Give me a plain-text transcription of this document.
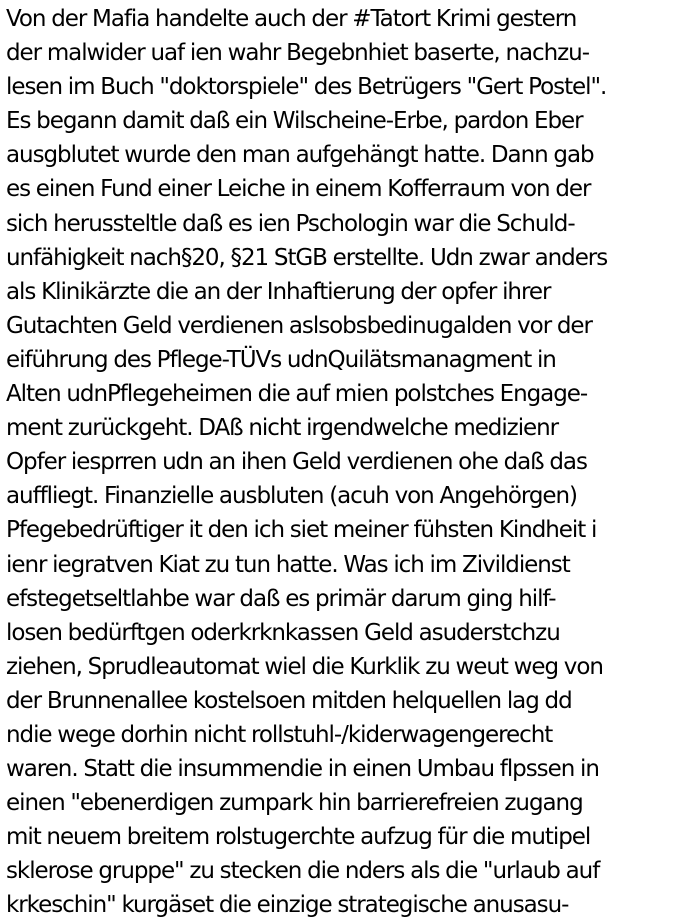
Von der Mafia handelte auch der #Tatort Krimi gestern
der malwider uaf ien wahr Begebnhiet baserte, nachzu-
lesen im Buch "doktorspiele" des Betrügers "Gert Postel".
Es begann damit daß ein Wilscheine-Erbe, pardon Eber
ausgblutet wurde den man aufgehängt hatte. Dann gab
es einen Fund einer Leiche in einem Kofferraum von der
sich herussteltle daß es ien Pschologin war die Schuld-
unfähigkeit nach§20, §21 StGB erstellte. Udn zwar anders
als Klinikärzte die an der Inhaftierung der opfer ihrer
Gutachten Geld verdienen aslsobsbedinugalden vor der
eiführung des Pflege-TÜVs udnQuilätsmanagment in
Alten udnPflegeheimen die auf mien polstches Engage-
ment zurückgeht. DAß nicht irgendwelche medizienr
Opfer iesprren udn an ihen Geld verdienen ohe daß das
auffliegt. Finanzielle ausbluten (acuh von Angehörgen)
Pfegebedrüftiger it den ich siet meiner fühsten Kindheit i
ienr iegratven Kiat zu tun hatte. Was ich im Zivildienst
efstegetseltlahbe war daß es primär darum ging hilf-
losen bedürftgen oderkrknkassen Geld asuderstchzu
ziehen, Sprudleautomat wiel die Kurklik zu weut weg von
der Brunnenallee kostelsoen mitden helquellen lag dd
ndie wege dorhin nicht rollstuhl-/kiderwagengerecht
waren. Statt die insummendie in einen Umbau flpssen in
einen "ebenerdigen zumpark hin barrierefreien zugang
mit neuem breitem rolstugerchte aufzug für die mutipel
sklerose gruppe" zu stecken die nders als die "urlaub auf
krkeschin" kurgäset die einzige strategische anusasu-
